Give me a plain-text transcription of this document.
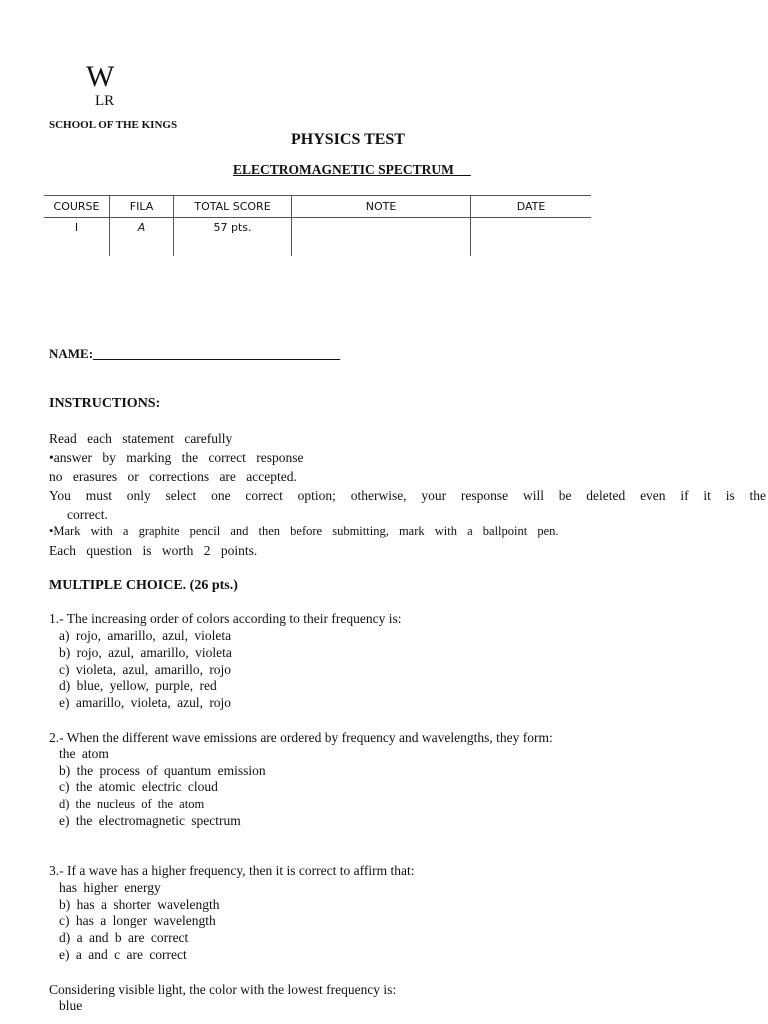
W
LR
SCHOOL OF THE KINGS
PHYSICS TEST
ELECTROMAGNETIC SPECTRUM
COURSE	FILA	TOTAL SCORE	NOTE	DATE
I	A	57 pts.		
NAME:______________________________________
INSTRUCTIONS:
Read each statement carefully
•answer by marking the correct response
no erasures or corrections are accepted.
You must only select one correct option; otherwise, your response will be deleted even if it is the
correct.
•Mark with a graphite pencil and then before submitting, mark with a ballpoint pen.
Each question is worth 2 points.
MULTIPLE CHOICE. (26 pts.)
1.- The increasing order of colors according to their frequency is:
a) rojo, amarillo, azul, violeta
b) rojo, azul, amarillo, violeta
c) violeta, azul, amarillo, rojo
d) blue, yellow, purple, red
e) amarillo, violeta, azul, rojo
2.- When the different wave emissions are ordered by frequency and wavelengths, they form:
the atom
b) the process of quantum emission
c) the atomic electric cloud
d) the nucleus of the atom
e) the electromagnetic spectrum
3.- If a wave has a higher frequency, then it is correct to affirm that:
has higher energy
b) has a shorter wavelength
c) has a longer wavelength
d) a and b are correct
e) a and c are correct
Considering visible light, the color with the lowest frequency is:
blue
